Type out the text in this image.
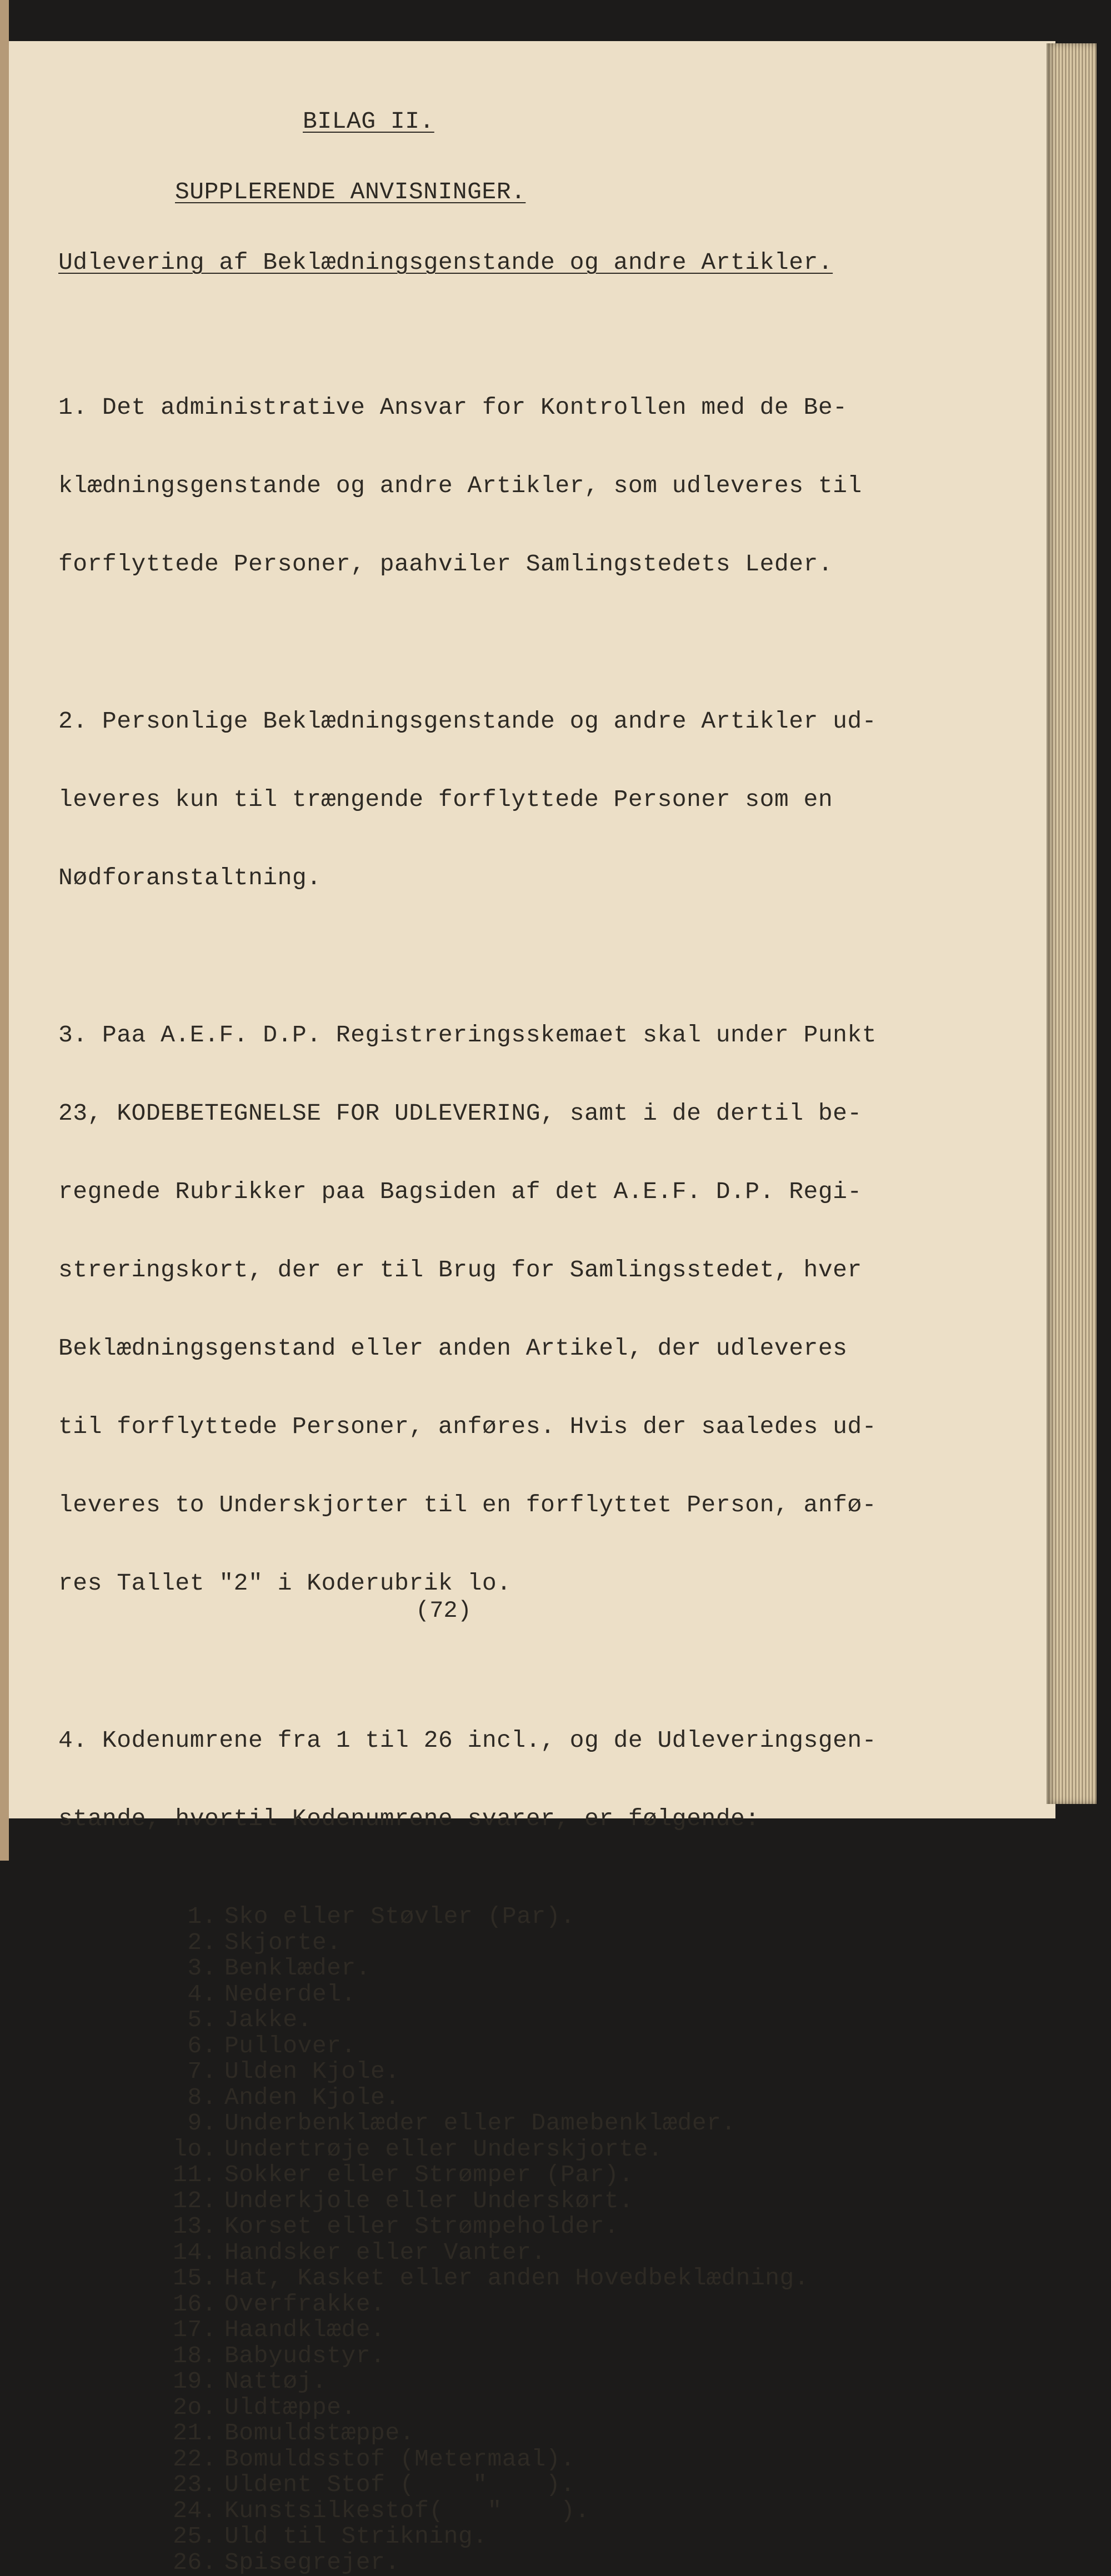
BILAG II.
SUPPLERENDE ANVISNINGER.
Udlevering af Beklædningsgenstande og andre Artikler.

1. Det administrative Ansvar for Kontrollen med de Be-

klædningsgenstande og andre Artikler, som udleveres til

forflyttede Personer, paahviler Samlingstedets Leder.

2. Personlige Beklædningsgenstande og andre Artikler ud-

leveres kun til trængende forflyttede Personer som en

Nødforanstaltning.

3. Paa A.E.F. D.P. Registreringsskemaet skal under Punkt

23, KODEBETEGNELSE FOR UDLEVERING, samt i de dertil be-

regnede Rubrikker paa Bagsiden af det A.E.F. D.P. Regi-

streringskort, der er til Brug for Samlingsstedet, hver

Beklædningsgenstand eller anden Artikel, der udleveres

til forflyttede Personer, anføres. Hvis der saaledes ud-

leveres to Underskjorter til en forflyttet Person, anfø-

res Tallet "2" i Koderubrik lo.

4. Kodenumrene fra 1 til 26 incl., og de Udleveringsgen-

stande, hvortil Kodenumrene svarer, er følgende:

1. Sko eller Støvler (Par).
2. Skjorte.
3. Benklæder.
4. Nederdel.
5. Jakke.
6. Pullover.
7. Ulden Kjole.
8. Anden Kjole.
9. Underbenklæder eller Damebenklæder.
lo. Undertrøje eller Underskjorte.
11. Sokker eller Strømper (Par).
12. Underkjole eller Underskørt.
13. Korset eller Strømpeholder.
14. Handsker eller Vanter.
15. Hat, Kasket eller anden Hovedbeklædning.
16. Overfrakke.
17. Haandklæde.
18. Babyudstyr.
19. Nattøj.
2o. Uldtæppe.
21. Bomuldstæppe.
22. Bomuldsstof (Metermaal).
23. Uldent Stof (    "    ).
24. Kunstsilkestof(   "    ).
25. Uld til Strikning.
26. Spisegrejer.
(72)
